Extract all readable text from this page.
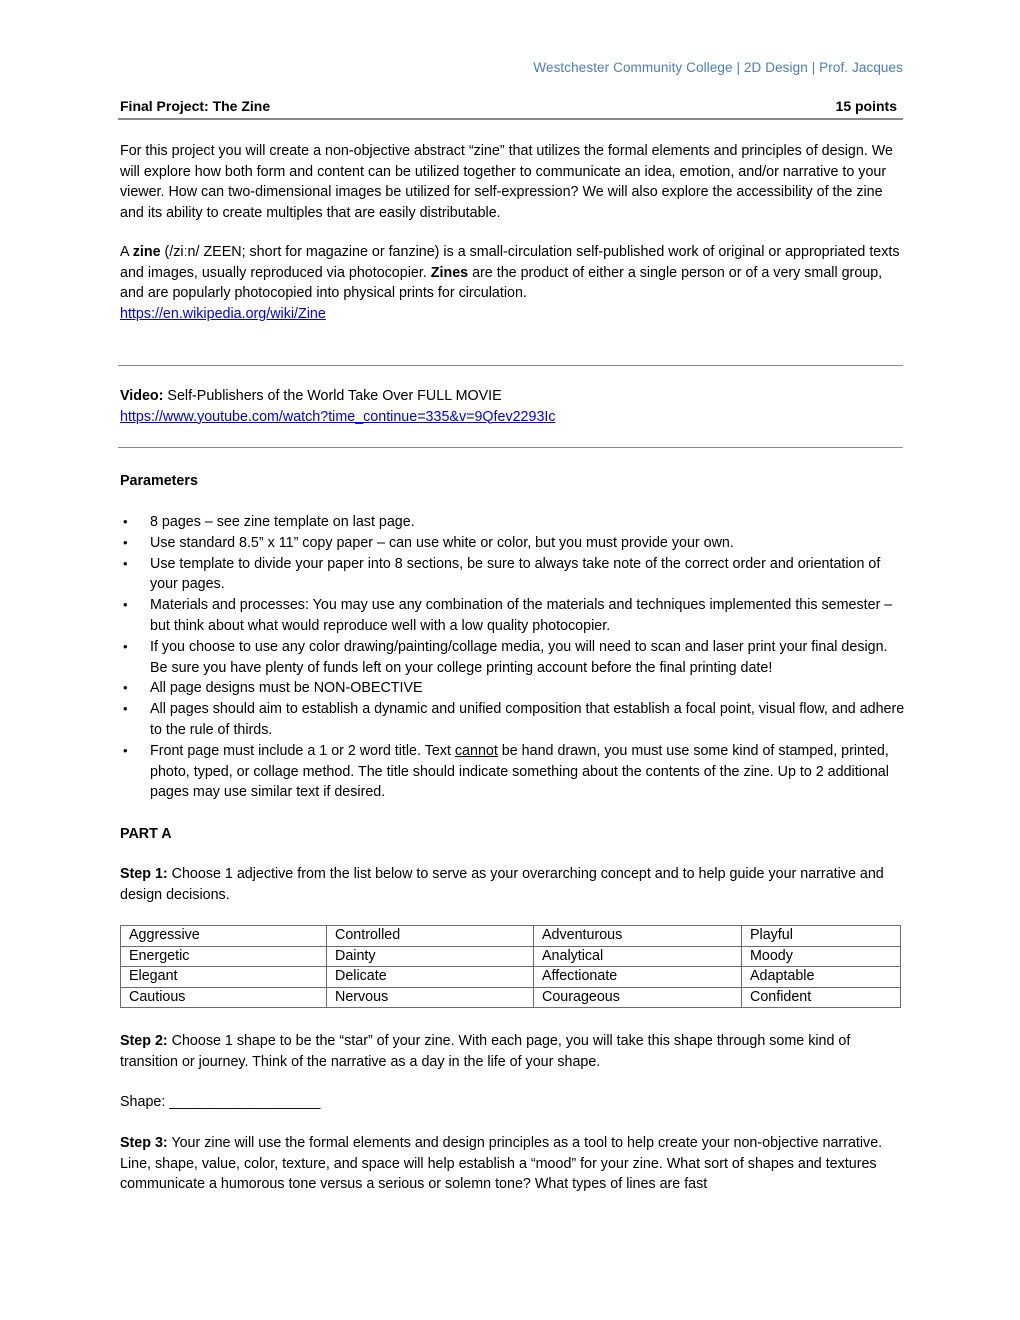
Westchester Community College | 2D Design | Prof. Jacques
Final Project: The Zine	15 points
For this project you will create a non-objective abstract “zine” that utilizes the formal elements and principles of design. We will explore how both form and content can be utilized together to communicate an idea, emotion, and/or narrative to your viewer. How can two-dimensional images be utilized for self-expression? We will also explore the accessibility of the zine and its ability to create multiples that are easily distributable.
A zine (/ziːn/ ZEEN; short for magazine or fanzine) is a small-circulation self-published work of original or appropriated texts and images, usually reproduced via photocopier. Zines are the product of either a single person or of a very small group, and are popularly photocopied into physical prints for circulation.
https://en.wikipedia.org/wiki/Zine
Video: Self-Publishers of the World Take Over FULL MOVIE
https://www.youtube.com/watch?time_continue=335&v=9Qfev2293Ic
Parameters
• 8 pages – see zine template on last page.
• Use standard 8.5” x 11” copy paper – can use white or color, but you must provide your own.
• Use template to divide your paper into 8 sections, be sure to always take note of the correct order and orientation of your pages.
• Materials and processes: You may use any combination of the materials and techniques implemented this semester – but think about what would reproduce well with a low quality photocopier.
• If you choose to use any color drawing/painting/collage media, you will need to scan and laser print your final design. Be sure you have plenty of funds left on your college printing account before the final printing date!
• All page designs must be NON-OBECTIVE
• All pages should aim to establish a dynamic and unified composition that establish a focal point, visual flow, and adhere to the rule of thirds.
• Front page must include a 1 or 2 word title. Text cannot be hand drawn, you must use some kind of stamped, printed, photo, typed, or collage method. The title should indicate something about the contents of the zine. Up to 2 additional pages may use similar text if desired.
PART A
Step 1: Choose 1 adjective from the list below to serve as your overarching concept and to help guide your narrative and design decisions.
Aggressive	Controlled	Adventurous	Playful
Energetic	Dainty	Analytical	Moody
Elegant	Delicate	Affectionate	Adaptable
Cautious	Nervous	Courageous	Confident
Step 2: Choose 1 shape to be the “star” of your zine. With each page, you will take this shape through some kind of transition or journey. Think of the narrative as a day in the life of your shape.
Shape: ___________________
Step 3: Your zine will use the formal elements and design principles as a tool to help create your non-objective narrative. Line, shape, value, color, texture, and space will help establish a “mood” for your zine. What sort of shapes and textures communicate a humorous tone versus a serious or solemn tone? What types of lines are fast
